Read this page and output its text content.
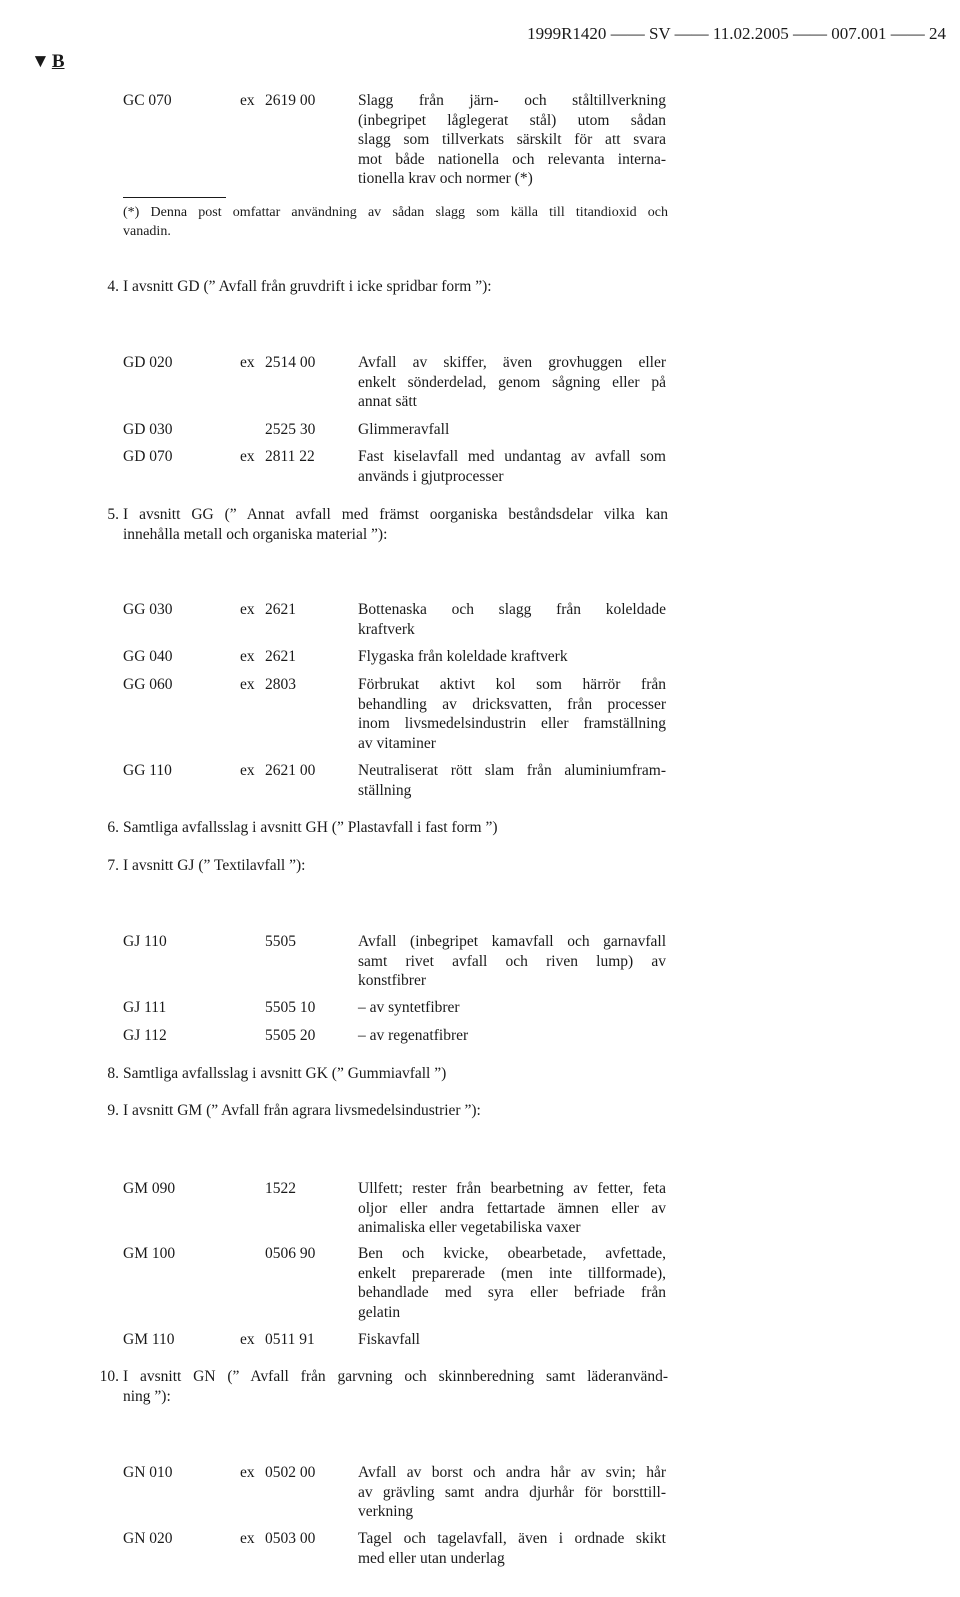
1999R1420 ―― SV ―― 11.02.2005 ―― 007.001 ―― 24

▼ B
GC 070	ex 2619 00	Slagg från järn- och ståltillverkning
(inbegripet låglegerat stål) utom sådan
slagg som tillverkats särskilt för att svara
mot både nationella och relevanta interna-
tionella krav och normer (*)
(*) Denna post omfattar användning av sådan slagg som källa till titandioxid och
vanadin.
4. I avsnitt GD (” Avfall från gruvdrift i icke spridbar form ”):
5. I avsnitt GG (” Annat avfall med främst oorganiska beståndsdelar vilka kan
innehålla metall och organiska material ”):
6. Samtliga avfallsslag i avsnitt GH (” Plastavfall i fast form ”)
7. I avsnitt GJ (” Textilavfall ”):
8. Samtliga avfallsslag i avsnitt GK (” Gummiavfall ”)
9. I avsnitt GM (” Avfall från agrara livsmedelsindustrier ”):
10. I avsnitt GN (” Avfall från garvning och skinnberedning samt läderanvänd-
ning ”):
GD 020	ex 2514 00	Avfall av skiffer, även grovhuggen eller
enkelt sönderdelad, genom sågning eller på
annat sätt
GD 030	2525 30	Glimmeravfall
GD 070	ex 2811 22	Fast kiselavfall med undantag av avfall som
används i gjutprocesser
GG 030	ex 2621	Bottenaska och slagg från koleldade
kraftverk
GG 040	ex 2621	Flygaska från koleldade kraftverk
GG 060	ex 2803	Förbrukat aktivt kol som härrör från
behandling av dricksvatten, från processer
inom livsmedelsindustrin eller framställning
av vitaminer
GG 110	ex 2621 00	Neutraliserat rött slam från aluminiumfram-
ställning
GJ 110	5505	Avfall (inbegripet kamavfall och garnavfall
samt rivet avfall och riven lump) av
konstfibrer
GJ 111	5505 10	– av syntetfibrer
GJ 112	5505 20	– av regenatfibrer
GM 090	1522	Ullfett; rester från bearbetning av fetter, feta
oljor eller andra fettartade ämnen eller av
animaliska eller vegetabiliska vaxer
GM 100	0506 90	Ben och kvicke, obearbetade, avfettade,
enkelt preparerade (men inte tillformade),
behandlade med syra eller befriade från
gelatin
GM 110	ex 0511 91	Fiskavfall
GN 010	ex 0502 00	Avfall av borst och andra hår av svin; hår
av grävling samt andra djurhår för borsttill-
verkning
GN 020	ex 0503 00	Tagel och tagelavfall, även i ordnade skikt
med eller utan underlag
